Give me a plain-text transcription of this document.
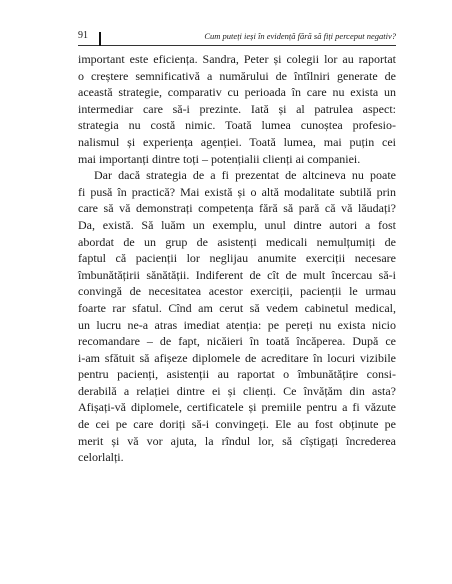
91	Cum puteți ieși în evidență fără să fiți perceput negativ?
important este eficiența. Sandra, Peter și colegii lor au raportat
o creștere semnificativă a numărului de întîlniri generate de
această strategie, comparativ cu perioada în care nu exista un
intermediar care să-i prezinte. Iată și al patrulea aspect:
strategia nu costă nimic. Toată lumea cunoștea profesio-
nalismul și experiența agenției. Toată lumea, mai puțin cei
mai importanți dintre toți – potențialii clienți ai companiei.
Dar dacă strategia de a fi prezentat de altcineva nu poate
fi pusă în practică? Mai există și o altă modalitate subtilă prin
care să vă demonstrați competența fără să pară că vă lăudați?
Da, există. Să luăm un exemplu, unul dintre autori a fost
abordat de un grup de asistenți medicali nemulțumiți de
faptul că pacienții lor neglijau anumite exerciții necesare
îmbunătățirii sănătății. Indiferent de cît de mult încercau să-i
convingă de necesitatea acestor exerciții, pacienții le urmau
foarte rar sfatul. Cînd am cerut să vedem cabinetul medical,
un lucru ne-a atras imediat atenția: pe pereți nu exista nicio
recomandare – de fapt, nicăieri în toată încăperea. După ce
i-am sfătuit să afișeze diplomele de acreditare în locuri vizibile
pentru pacienți, asistenții au raportat o îmbunătățire consi-
derabilă a relației dintre ei și clienți. Ce învățăm din asta?
Afișați-vă diplomele, certificatele și premiile pentru a fi văzute
de cei pe care doriți să-i convingeți. Ele au fost obținute pe
merit și vă vor ajuta, la rîndul lor, să cîștigați încrederea
celorlalți.
